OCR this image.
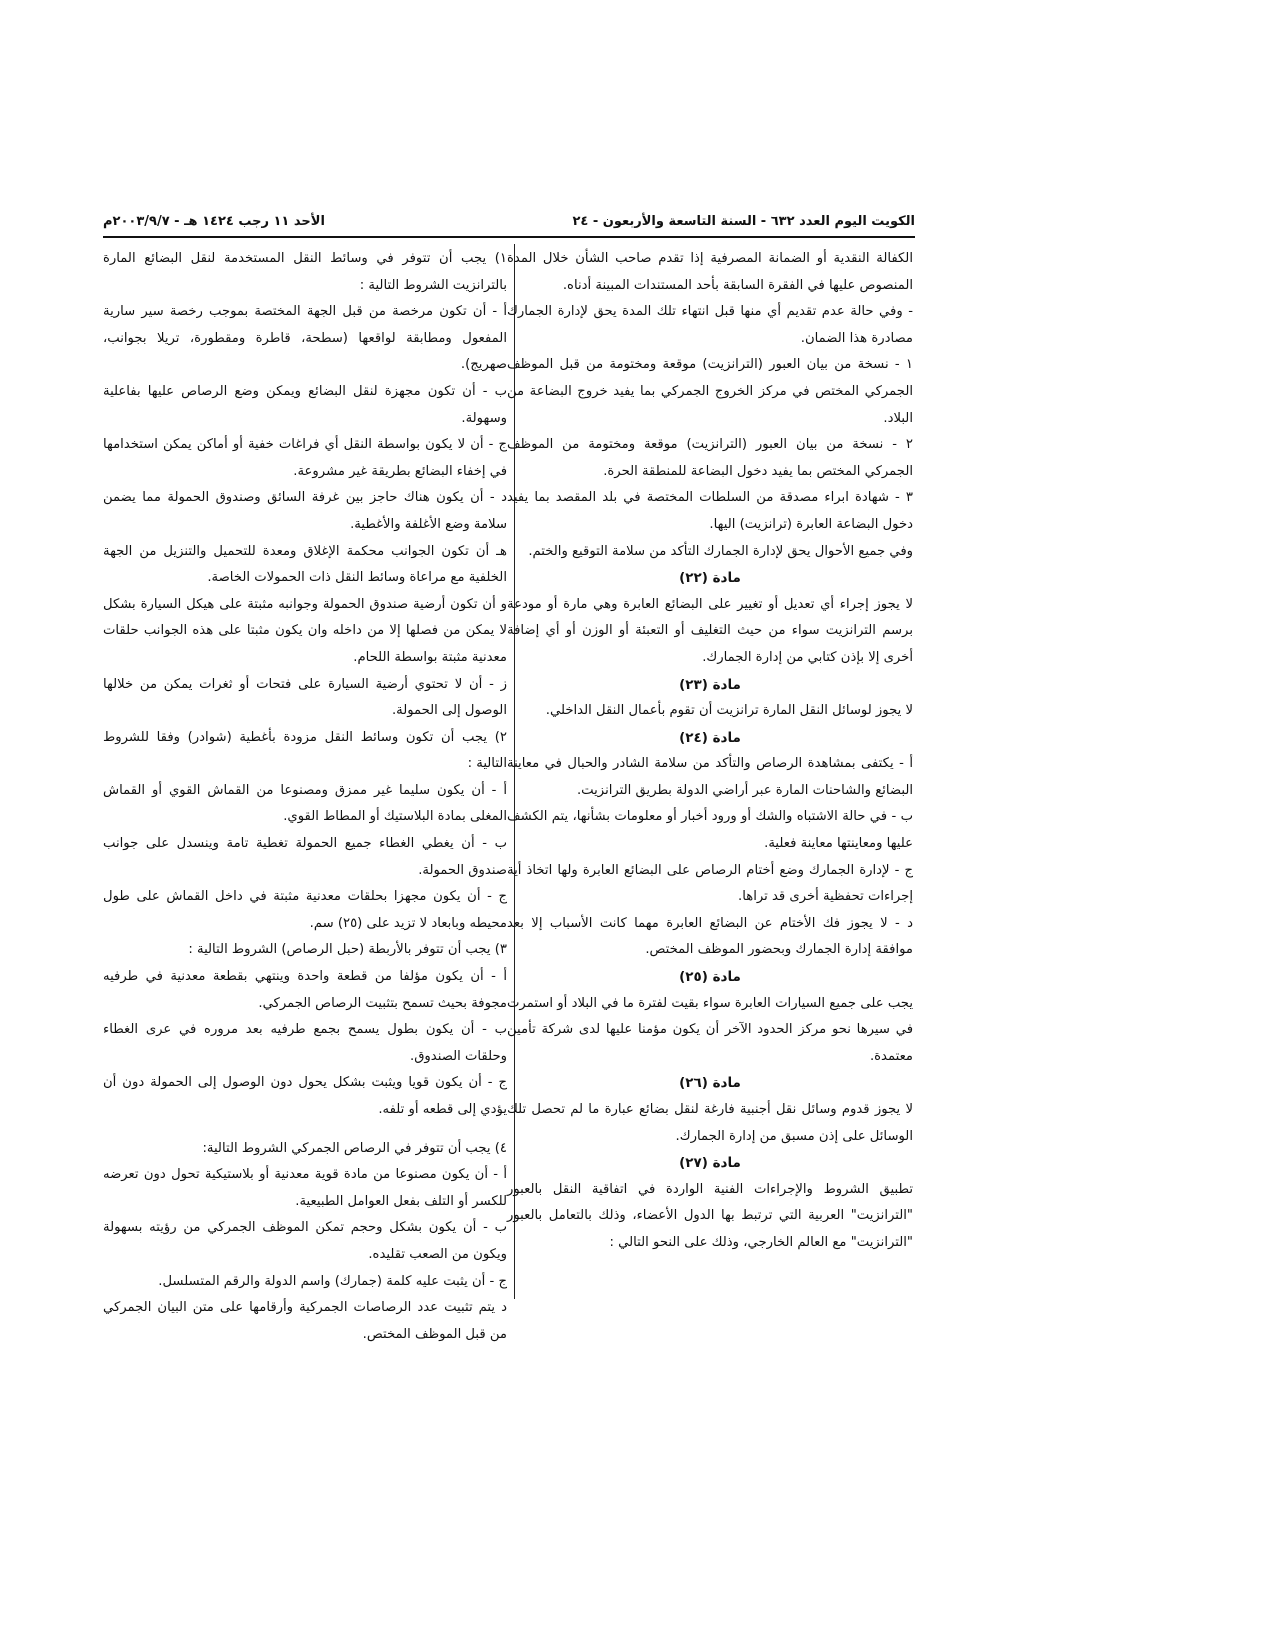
الكويت اليوم العدد ٦٣٢ - السنة التاسعة والأربعون - ٢٤
الأحد ١١ رجب ١٤٢٤ هـ - ٢٠٠٣/٩/٧م

الكفالة النقدية أو الضمانة المصرفية إذا تقدم صاحب الشأن خلال المدة المنصوص عليها في الفقرة السابقة بأحد المستندات المبينة أدناه.

- وفي حالة عدم تقديم أي منها قبل انتهاء تلك المدة يحق لإدارة الجمارك مصادرة هذا الضمان.

١ - نسخة من بيان العبور (الترانزيت) موقعة ومختومة من قبل الموظف الجمركي المختص في مركز الخروج الجمركي بما يفيد خروج البضاعة من البلاد.

٢ - نسخة من بيان العبور (الترانزيت) موقعة ومختومة من الموظف الجمركي المختص بما يفيد دخول البضاعة للمنطقة الحرة.

٣ - شهادة ابراء مصدقة من السلطات المختصة في بلد المقصد بما يفيد دخول البضاعة العابرة (ترانزيت) اليها.

وفي جميع الأحوال يحق لإدارة الجمارك التأكد من سلامة التوقيع والختم.

مادة (٢٢)

لا يجوز إجراء أي تعديل أو تغيير على البضائع العابرة وهي مارة أو مودعة برسم الترانزيت سواء من حيث التغليف أو التعبئة أو الوزن أو أي إضافة أخرى إلا بإذن كتابي من إدارة الجمارك.

مادة (٢٣)

لا يجوز لوسائل النقل المارة ترانزيت أن تقوم بأعمال النقل الداخلي.

مادة (٢٤)

أ - يكتفى بمشاهدة الرصاص والتأكد من سلامة الشادر والحبال في معاينة البضائع والشاحنات المارة عبر أراضي الدولة بطريق الترانزيت.

ب - في حالة الاشتباه والشك أو ورود أخبار أو معلومات بشأنها، يتم الكشف عليها ومعاينتها معاينة فعلية.

ج - لإدارة الجمارك وضع أختام الرصاص على البضائع العابرة ولها اتخاذ أية إجراءات تحفظية أخرى قد تراها.

د - لا يجوز فك الأختام عن البضائع العابرة مهما كانت الأسباب إلا بعد موافقة إدارة الجمارك وبحضور الموظف المختص.

مادة (٢٥)

يجب على جميع السيارات العابرة سواء بقيت لفترة ما في البلاد أو استمرت في سيرها نحو مركز الحدود الآخر أن يكون مؤمنا عليها لدى شركة تأمين معتمدة.

مادة (٢٦)

لا يجوز قدوم وسائل نقل أجنبية فارغة لنقل بضائع عبارة ما لم تحصل تلك الوسائل على إذن مسبق من إدارة الجمارك.

مادة (٢٧)

تطبيق الشروط والإجراءات الفنية الواردة في اتفاقية النقل بالعبور "الترانزيت" العربية التي ترتبط بها الدول الأعضاء، وذلك بالتعامل بالعبور "الترانزيت" مع العالم الخارجي، وذلك على النحو التالي :

١) يجب أن تتوفر في وسائط النقل المستخدمة لنقل البضائع المارة بالترانزيت الشروط التالية :

أ - أن تكون مرخصة من قبل الجهة المختصة بموجب رخصة سير سارية المفعول ومطابقة لواقعها (سطحة، قاطرة ومقطورة، تريلا بجوانب، صهريج).

ب - أن تكون مجهزة لنقل البضائع ويمكن وضع الرصاص عليها بفاعلية وسهولة.

ج - أن لا يكون بواسطة النقل أي فراغات خفية أو أماكن يمكن استخدامها في إخفاء البضائع بطريقة غير مشروعة.

د - أن يكون هناك حاجز بين غرفة السائق وصندوق الحمولة مما يضمن سلامة وضع الأغلفة والأغطية.

هـ أن تكون الجوانب محكمة الإغلاق ومعدة للتحميل والتنزيل من الجهة الخلفية مع مراعاة وسائط النقل ذات الحمولات الخاصة.

و أن تكون أرضية صندوق الحمولة وجوانبه مثبتة على هيكل السيارة بشكل لا يمكن من فصلها إلا من داخله وان يكون مثبتا على هذه الجوانب حلقات معدنية مثبتة بواسطة اللحام.

ز - أن لا تحتوي أرضية السيارة على فتحات أو ثغرات يمكن من خلالها الوصول إلى الحمولة.

٢) يجب أن تكون وسائط النقل مزودة بأغطية (شوادر) وفقا للشروط التالية :

أ - أن يكون سليما غير ممزق ومصنوعا من القماش القوي أو القماش المغلى بمادة البلاستيك أو المطاط القوي.

ب - أن يغطي الغطاء جميع الحمولة تغطية تامة وينسدل على جوانب صندوق الحمولة.

ج - أن يكون مجهزا بحلقات معدنية مثبتة في داخل القماش على طول محيطه وبابعاد لا تزيد على (٢٥) سم.

٣) يجب أن تتوفر بالأربطة (حبل الرصاص) الشروط التالية :

أ - أن يكون مؤلفا من قطعة واحدة وينتهي بقطعة معدنية في طرفيه مجوفة بحيث تسمح بتثبيت الرصاص الجمركي.

ب - أن يكون بطول يسمح بجمع طرفيه بعد مروره في عرى الغطاء وحلقات الصندوق.

ج - أن يكون قويا ويثبت بشكل يحول دون الوصول إلى الحمولة دون أن يؤدي إلى قطعه أو تلفه.

٤) يجب أن تتوفر في الرصاص الجمركي الشروط التالية:

أ - أن يكون مصنوعا من مادة قوية معدنية أو بلاستيكية تحول دون تعرضه للكسر أو التلف بفعل العوامل الطبيعية.

ب - أن يكون بشكل وحجم تمكن الموظف الجمركي من رؤيته بسهولة ويكون من الصعب تقليده.

ج - أن يثبت عليه كلمة (جمارك) واسم الدولة والرقم المتسلسل.

د يتم تثبيت عدد الرصاصات الجمركية وأرقامها على متن البيان الجمركي من قبل الموظف المختص.
